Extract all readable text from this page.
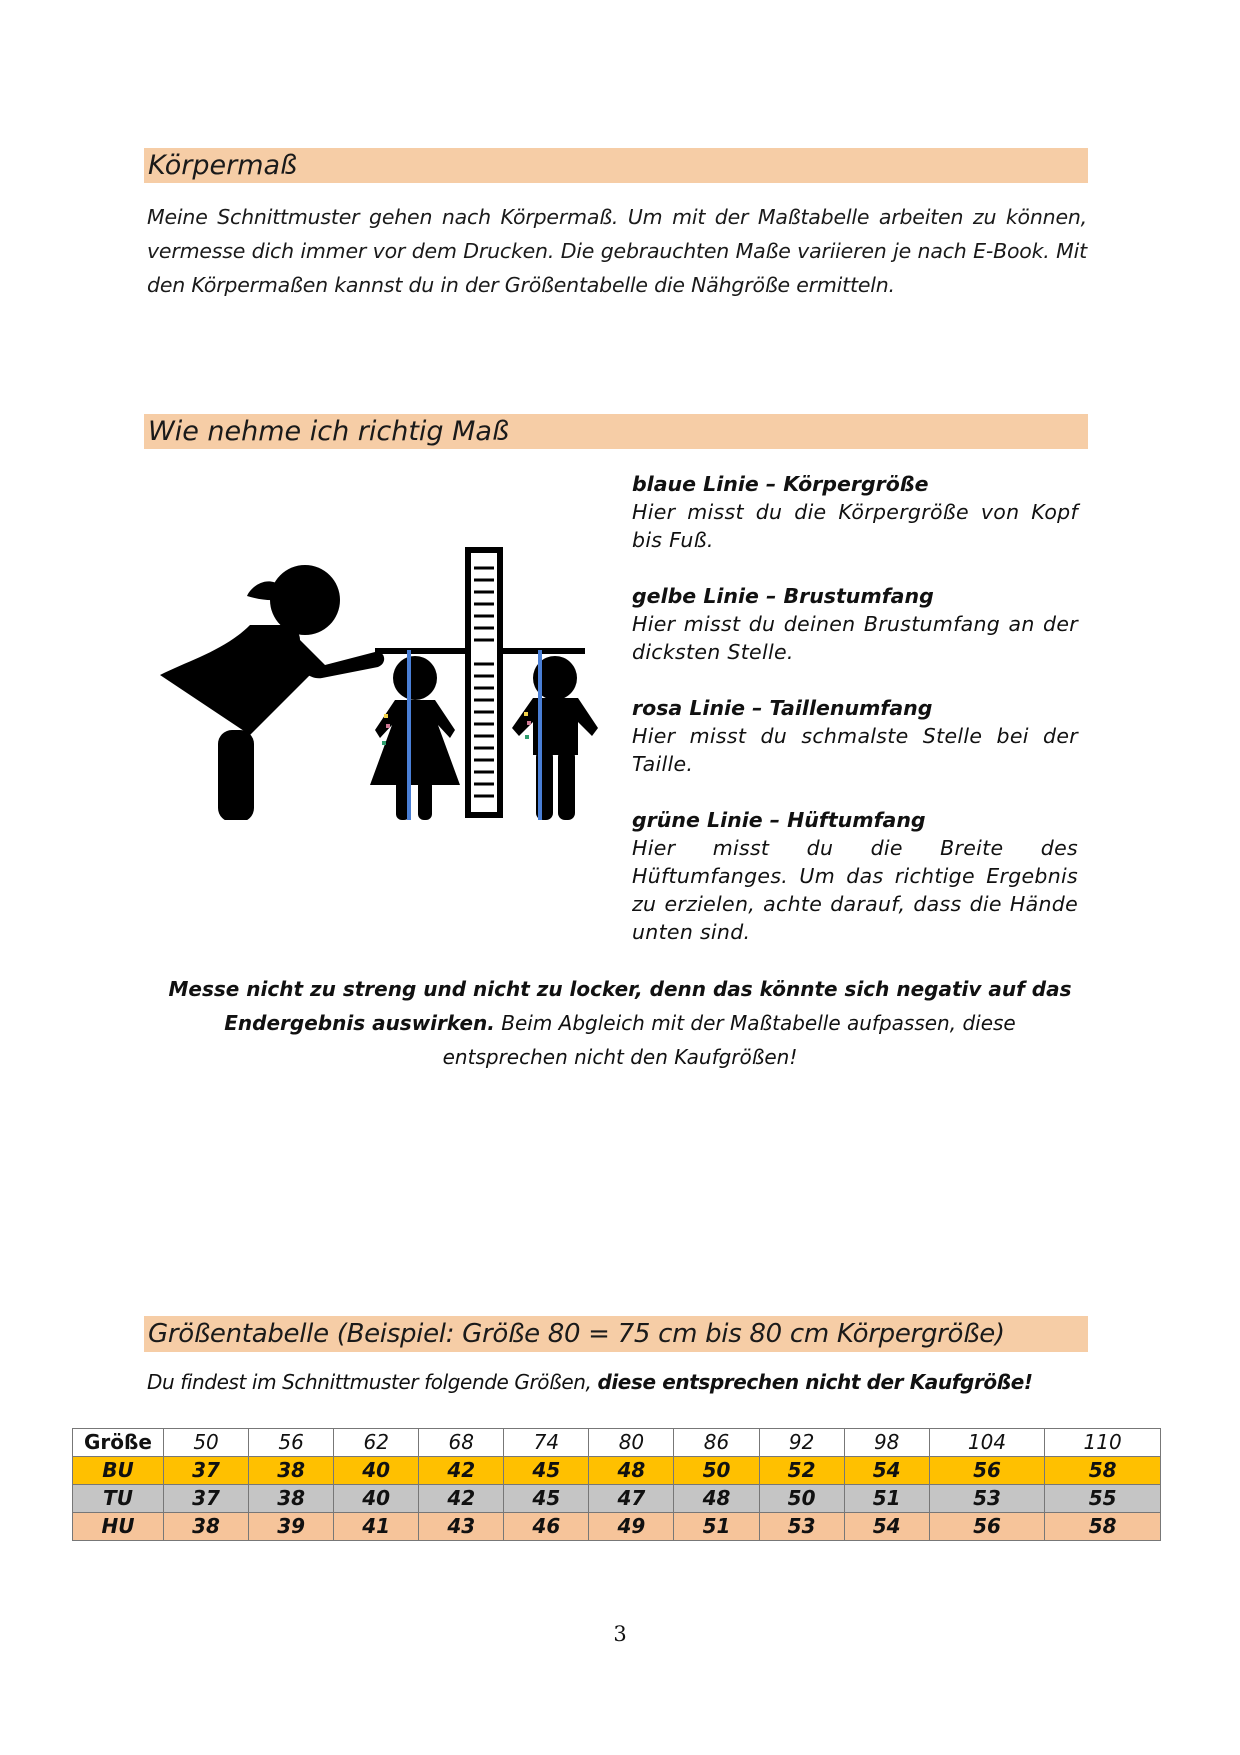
Körpermaß
Meine Schnittmuster gehen nach Körpermaß. Um mit der Maßtabelle arbeiten zu können, vermesse dich immer vor dem Drucken. Die gebrauchten Maße variieren je nach E-Book. Mit den Körpermaßen kannst du in der Größentabelle die Nähgröße ermitteln.
Wie nehme ich richtig Maß
blaue Linie – Körpergröße
Hier misst du die Körpergröße von Kopf bis Fuß.
gelbe Linie – Brustumfang
Hier misst du deinen Brustumfang an der dicksten Stelle.
rosa Linie – Taillenumfang
Hier misst du schmalste Stelle bei der Taille.
grüne Linie – Hüftumfang
Hier misst du die Breite des Hüftumfanges. Um das richtige Ergebnis zu erzielen, achte darauf, dass die Hände unten sind.
Messe nicht zu streng und nicht zu locker, denn das könnte sich negativ auf das Endergebnis auswirken. Beim Abgleich mit der Maßtabelle aufpassen, diese entsprechen nicht den Kaufgrößen!
Größentabelle (Beispiel: Größe 80 = 75 cm bis 80 cm Körpergröße)
Du findest im Schnittmuster folgende Größen, diese entsprechen nicht der Kaufgröße!
Größe	50	56	62	68	74	80	86	92	98	104	110
BU	37	38	40	42	45	48	50	52	54	56	58
TU	37	38	40	42	45	47	48	50	51	53	55
HU	38	39	41	43	46	49	51	53	54	56	58
3
